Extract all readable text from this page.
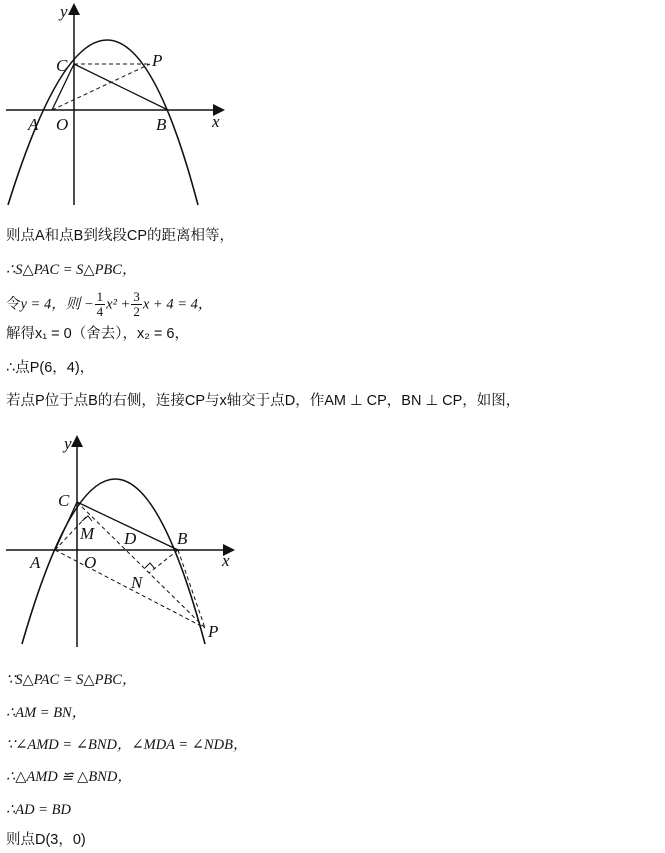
y
x
C	P
A O	B
则点A和点B到线段CP的距离相等，
∴S△PAC = S△PBC，
令y = 4，则 − $\frac{1}{4} x^2 + \frac{3}{2}$ x + 4 = 4，
解得x₁ = 0（舍去），x₂ = 6，
∴点P(6，4)，
若点P位于点B的右侧，连接CP与x轴交于点D，作AM ⊥ CP，BN ⊥ CP，如图，
y
x
C
M D B
A	O
N
P
∵S△PAC = S△PBC，
∴AM = BN，
∵∠AMD = ∠BND，∠MDA = ∠NDB，
∴△AMD ≌ △BND，
∴AD = BD
则点D(3，0)
